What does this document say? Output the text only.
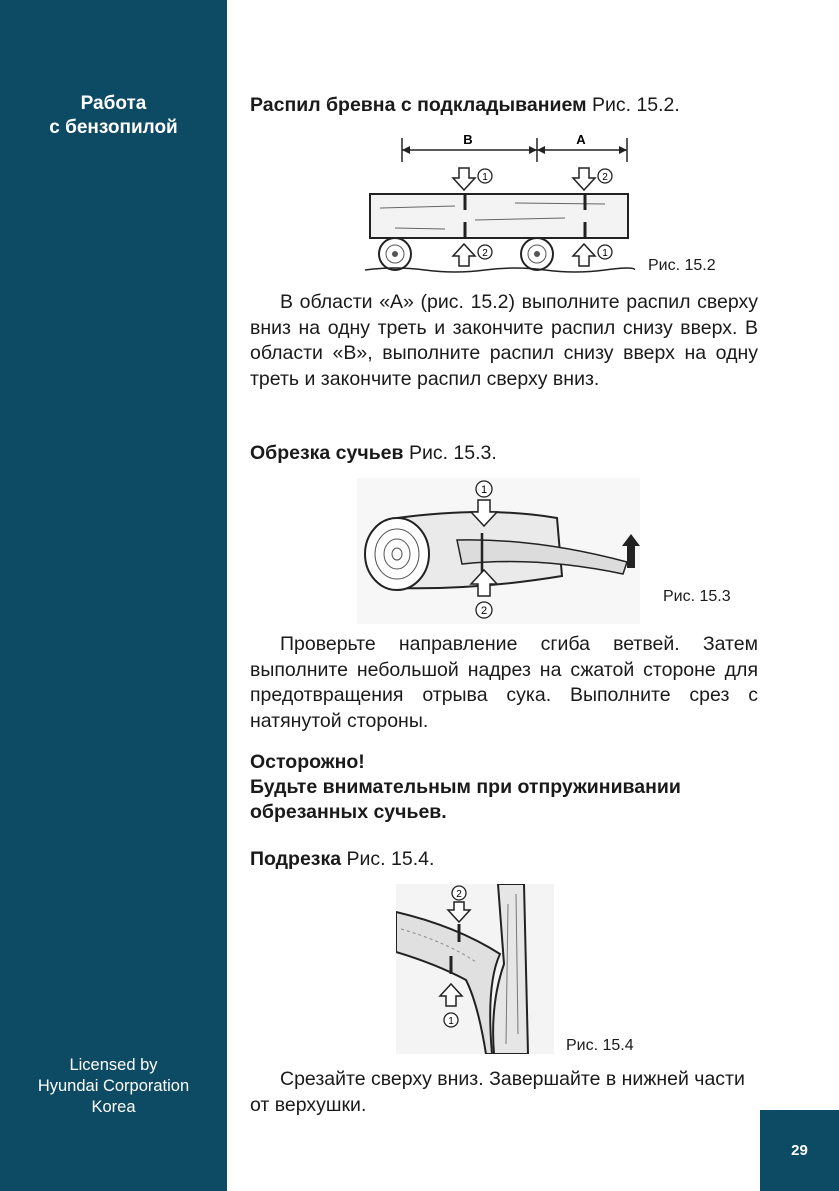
Работа
с бензопилой
Licensed by
Hyundai Corporation
Korea
29
Распил бревна с подкладыванием Рис. 15.2.
B	A
1	2
2	1
Рис. 15.2
В области «А» (рис. 15.2) выполните распил сверху вниз на одну треть и закончите распил снизу вверх. В области «В», выполните распил снизу вверх на одну треть и закончите распил сверху вниз.
Обрезка сучьев Рис. 15.3.
1
2
Рис. 15.3
Проверьте направление сгиба ветвей. Затем выполните небольшой надрез на сжатой стороне для предотвращения отрыва сука. Выполните срез с натянутой стороны.
Осторожно!
Будьте внимательным при отпружинивании обрезанных сучьев.
Подрезка Рис. 15.4.
2
1
Рис. 15.4
Срезайте сверху вниз. Завершайте в нижней части от верхушки.
